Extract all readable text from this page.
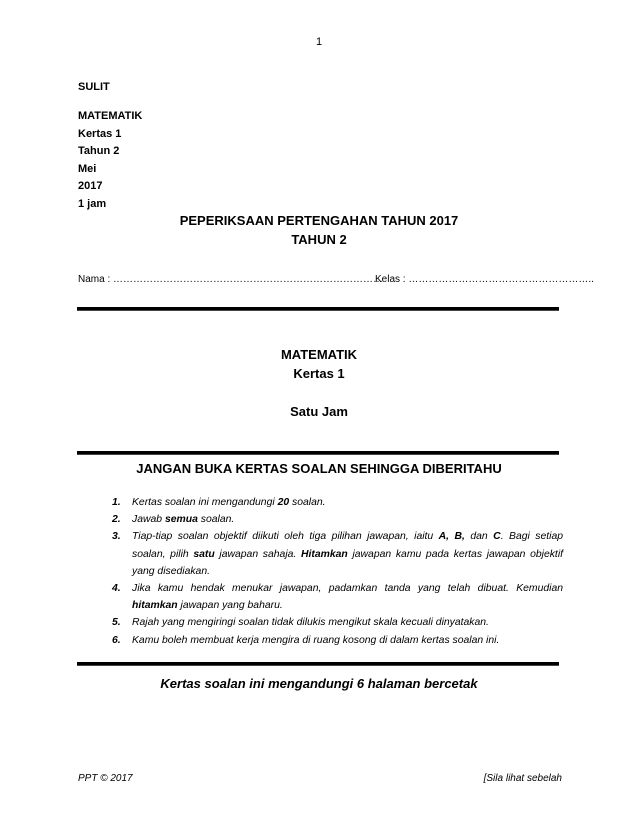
1
SULIT
MATEMATIK
Kertas 1
Tahun 2
Mei
2017
1 jam
PEPERIKSAAN PERTENGAHAN TAHUN 2017
TAHUN 2
Nama : ………………………………………………………………………
Kelas : ………………………………………………..
MATEMATIK
Kertas 1
Satu Jam
JANGAN BUKA KERTAS SOALAN SEHINGGA DIBERITAHU
1. Kertas soalan ini mengandungi 20 soalan.
2. Jawab semua soalan.
3. Tiap-tiap soalan objektif diikuti oleh tiga pilihan jawapan, iaitu A, B, dan C. Bagi setiap soalan, pilih satu jawapan sahaja. Hitamkan jawapan kamu pada kertas jawapan objektif yang disediakan.
4. Jika kamu hendak menukar jawapan, padamkan tanda yang telah dibuat. Kemudian hitamkan jawapan yang baharu.
5. Rajah yang mengiringi soalan tidak dilukis mengikut skala kecuali dinyatakan.
6. Kamu boleh membuat kerja mengira di ruang kosong di dalam kertas soalan ini.
Kertas soalan ini mengandungi 6 halaman bercetak
PPT © 2017	[Sila lihat sebelah
